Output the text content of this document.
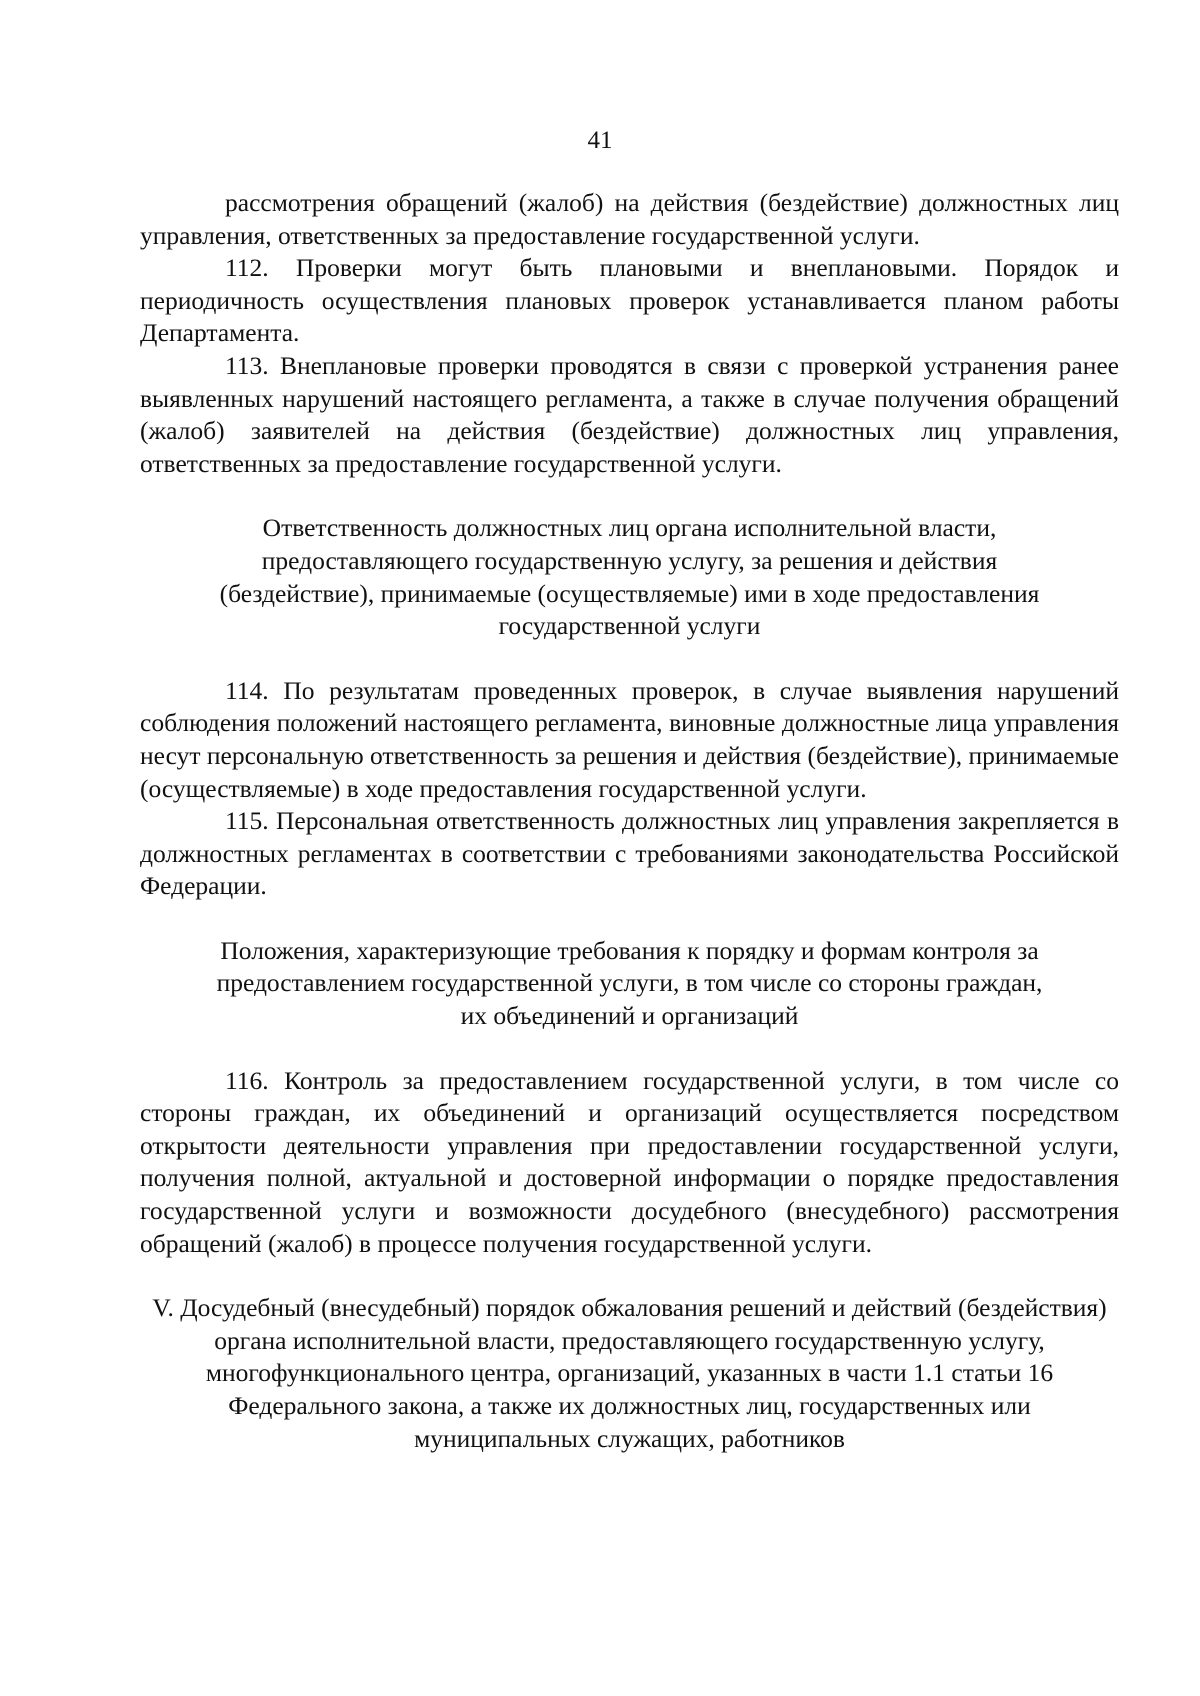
41

рассмотрения обращений (жалоб) на действия (бездействие) должностных лиц управления, ответственных за предоставление государственной услуги.

112. Проверки могут быть плановыми и внеплановыми. Порядок и периодичность осуществления плановых проверок устанавливается планом работы Департамента.

113. Внеплановые проверки проводятся в связи с проверкой устранения ранее выявленных нарушений настоящего регламента, а также в случае получения обращений (жалоб) заявителей на действия (бездействие) должностных лиц управления, ответственных за предоставление государственной услуги.

Ответственность должностных лиц органа исполнительной власти, предоставляющего государственную услугу, за решения и действия (бездействие), принимаемые (осуществляемые) ими в ходе предоставления государственной услуги

114. По результатам проведенных проверок, в случае выявления нарушений соблюдения положений настоящего регламента, виновные должностные лица управления несут персональную ответственность за решения и действия (бездействие), принимаемые (осуществляемые) в ходе предоставления государственной услуги.

115. Персональная ответственность должностных лиц управления закрепляется в должностных регламентах в соответствии с требованиями законодательства Российской Федерации.

Положения, характеризующие требования к порядку и формам контроля за предоставлением государственной услуги, в том числе со стороны граждан, их объединений и организаций

116. Контроль за предоставлением государственной услуги, в том числе со стороны граждан, их объединений и организаций осуществляется посредством открытости деятельности управления при предоставлении государственной услуги, получения полной, актуальной и достоверной информации о порядке предоставления государственной услуги и возможности досудебного (внесудебного) рассмотрения обращений (жалоб) в процессе получения государственной услуги.

V. Досудебный (внесудебный) порядок обжалования решений и действий (бездействия) органа исполнительной власти, предоставляющего государственную услугу, многофункционального центра, организаций, указанных в части 1.1 статьи 16 Федерального закона, а также их должностных лиц, государственных или муниципальных служащих, работников
